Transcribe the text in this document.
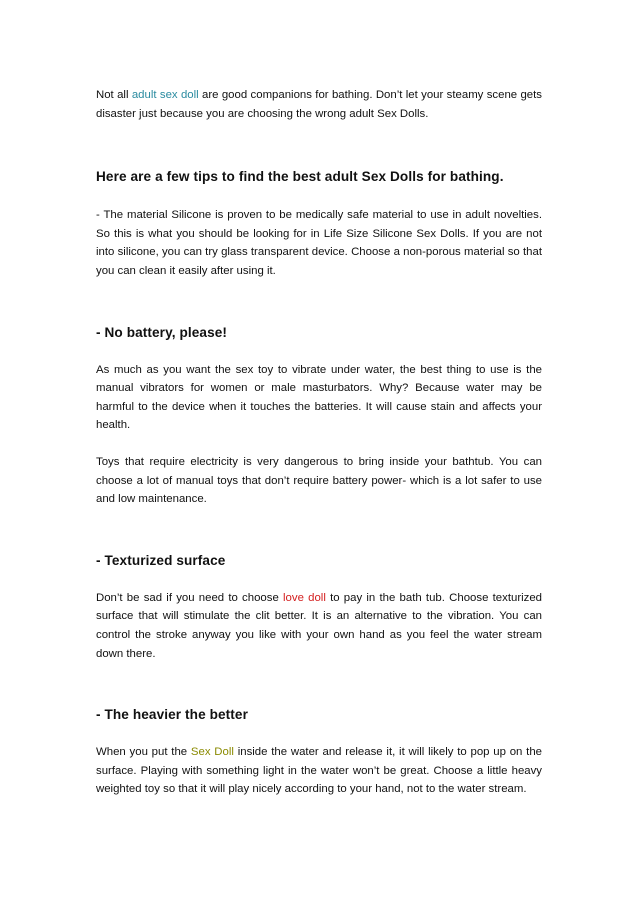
Not all adult sex doll are good companions for bathing. Don’t let your steamy scene gets disaster just because you are choosing the wrong adult Sex Dolls.

Here are a few tips to find the best adult Sex Dolls for bathing.

- The material Silicone is proven to be medically safe material to use in adult novelties. So this is what you should be looking for in Life Size Silicone Sex Dolls. If you are not into silicone, you can try glass transparent device. Choose a non-porous material so that you can clean it easily after using it.

- No battery, please!

As much as you want the sex toy to vibrate under water, the best thing to use is the manual vibrators for women or male masturbators. Why? Because water may be harmful to the device when it touches the batteries. It will cause stain and affects your health.

Toys that require electricity is very dangerous to bring inside your bathtub. You can choose a lot of manual toys that don’t require battery power- which is a lot safer to use and low maintenance.

- Texturized surface

Don’t be sad if you need to choose love doll to pay in the bath tub. Choose texturized surface that will stimulate the clit better. It is an alternative to the vibration. You can control the stroke anyway you like with your own hand as you feel the water stream down there.

- The heavier the better

When you put the Sex Doll inside the water and release it, it will likely to pop up on the surface. Playing with something light in the water won’t be great. Choose a little heavy weighted toy so that it will play nicely according to your hand, not to the water stream.
